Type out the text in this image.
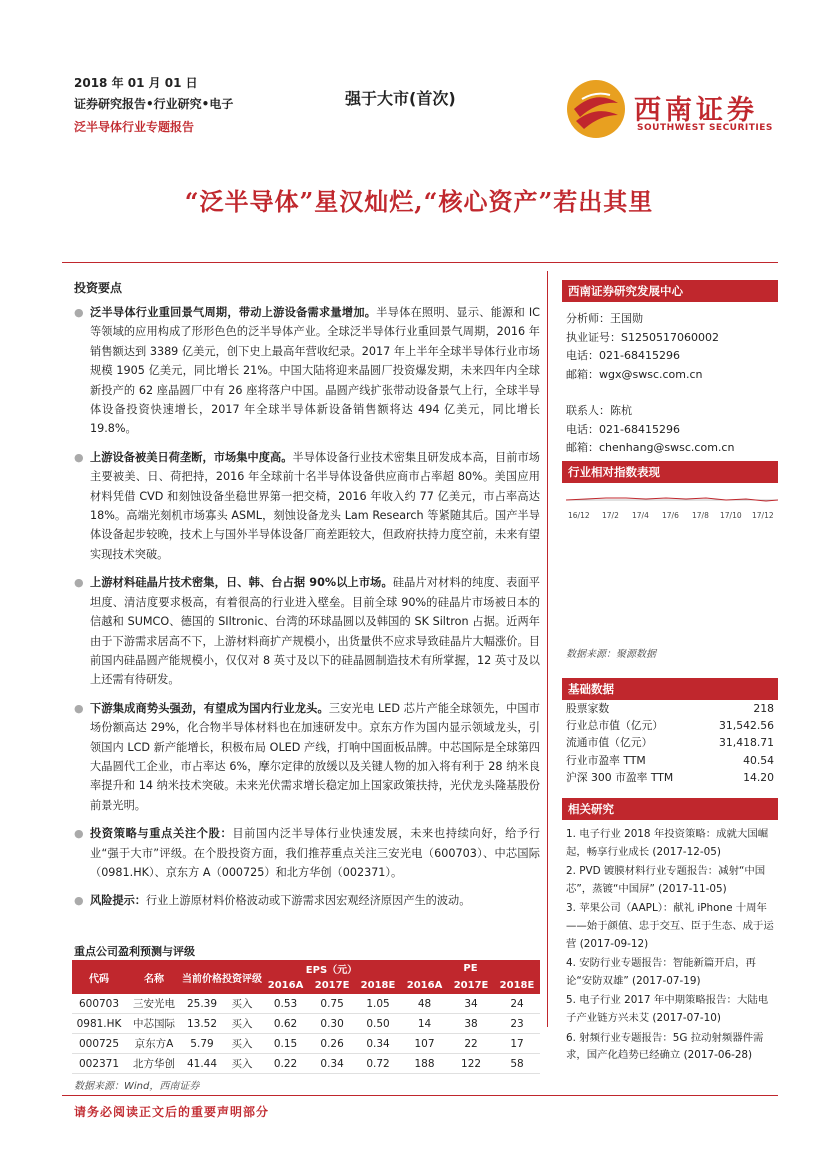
2018 年 01 月 01 日
证券研究报告•行业研究•电子
泛半导体行业专题报告
强于大市(首次)	西南证券
SOUTHWEST SECURITIES
“泛半导体”星汉灿烂,“核心资产”若出其里
投资要点
● 泛半导体行业重回景气周期，带动上游设备需求量增加。半导体在照明、显示、能源和 IC 等领域的应用构成了形形色色的泛半导体产业。全球泛半导体行业重回景气周期，2016 年销售额达到 3389 亿美元，创下史上最高年营收纪录。2017 年上半年全球半导体行业市场规模 1905 亿美元，同比增长 21%。中国大陆将迎来晶圆厂投资爆发期，未来四年内全球新投产的 62 座晶圆厂中有 26 座将落户中国。晶圆产线扩张带动设备景气上行，全球半导体设备投资快速增长，2017 年全球半导体新设备销售额将达 494 亿美元，同比增长 19.8%。
● 上游设备被美日荷垄断，市场集中度高。半导体设备行业技术密集且研发成本高，目前市场主要被美、日、荷把持，2016 年全球前十名半导体设备供应商市占率超 80%。美国应用材料凭借 CVD 和刻蚀设备坐稳世界第一把交椅，2016 年收入约 77 亿美元，市占率高达 18%。高端光刻机市场寡头 ASML，刻蚀设备龙头 Lam Research 等紧随其后。国产半导体设备起步较晚，技术上与国外半导体设备厂商差距较大，但政府扶持力度空前，未来有望实现技术突破。
● 上游材料硅晶片技术密集，日、韩、台占据 90%以上市场。硅晶片对材料的纯度、表面平坦度、清洁度要求极高，有着很高的行业进入壁垒。目前全球 90%的硅晶片市场被日本的信越和 SUMCO、德国的 SIltronic、台湾的环球晶圆以及韩国的 SK Siltron 占据。近两年由于下游需求居高不下，上游材料商扩产规模小，出货量供不应求导致硅晶片大幅涨价。目前国内硅晶圆产能规模小，仅仅对 8 英寸及以下的硅晶圆制造技术有所掌握，12 英寸及以上还需有待研发。
● 下游集成商势头强劲，有望成为国内行业龙头。三安光电 LED 芯片产能全球领先，中国市场份额高达 29%，化合物半导体材料也在加速研发中。京东方作为国内显示领域龙头，引领国内 LCD 新产能增长，积极布局 OLED 产线，打响中国面板品牌。中芯国际是全球第四大晶圆代工企业，市占率达 6%，摩尔定律的放缓以及关键人物的加入将有利于 28 纳米良率提升和 14 纳米技术突破。未来光伏需求增长稳定加上国家政策扶持，光伏龙头隆基股份前景光明。
● 投资策略与重点关注个股：目前国内泛半导体行业快速发展，未来也持续向好，给予行业“强于大市”评级。在个股投资方面，我们推荐重点关注三安光电（600703）、中芯国际（0981.HK）、京东方 A（000725）和北方华创（002371）。
● 风险提示：行业上游原材料价格波动或下游需求因宏观经济原因产生的波动。
西南证券研究发展中心
分析师：王国勋
执业证号：S1250517060002
电话：021-68415296
邮箱：wgx@swsc.com.cn
联系人：陈杭
电话：021-68415296
邮箱：chenhang@swsc.com.cn
行业相对指数表现
16/12 17/2 17/4 17/6 17/8 17/10 17/12
数据来源：聚源数据
基础数据
股票家数	218
行业总市值（亿元）	31,542.56
流通市值（亿元）	31,418.71
行业市盈率 TTM	40.54
沪深 300 市盈率 TTM	14.20
相关研究
1. 电子行业 2018 年投资策略：成就大国崛起，畅享行业成长 (2017-12-05)
2. PVD 镀膜材料行业专题报告：减射“中国芯”，蒸镀“中国屏” (2017-11-05)
3. 苹果公司（AAPL）：献礼 iPhone 十周年——始于颜值、忠于交互、臣于生态、成于运营 (2017-09-12)
4. 安防行业专题报告：智能新篇开启，再论“安防双雄” (2017-07-19)
5. 电子行业 2017 年中期策略报告：大陆电子产业链方兴未艾 (2017-07-10)
6. 射频行业专题报告：5G 拉动射频器件需求，国产化趋势已经确立 (2017-06-28)
重点公司盈利预测与评级
代码	名称	当前价格	投资评级	EPS（元）			PE		
				2016A	2017E	2018E	2016A	2017E	2018E
600703	三安光电	25.39	买入	0.53	0.75	1.05	48	34	24
0981.HK	中芯国际	13.52	买入	0.62	0.30	0.50	14	38	23
000725	京东方A	5.79	买入	0.15	0.26	0.34	107	22	17
002371	北方华创	41.44	买入	0.22	0.34	0.72	188	122	58
数据来源：Wind，西南证券
请务必阅读正文后的重要声明部分
